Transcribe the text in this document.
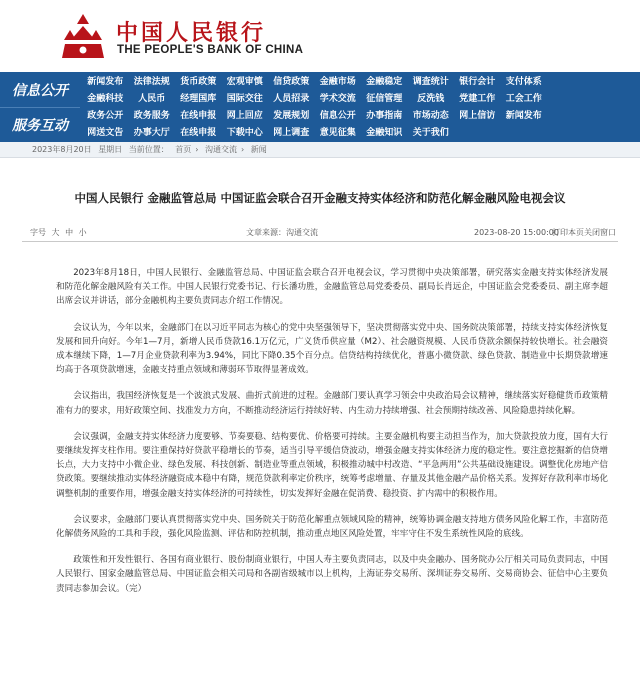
中国人民银行
THE PEOPLE'S BANK OF CHINA
信息公开
服务互动
新闻发布	法律法规	货币政策	宏观审慎	信贷政策	金融市场	金融稳定	调查统计	银行会计	支付体系
金融科技	人民币	经理国库	国际交往	人员招录	学术交流	征信管理	反洗钱	党建工作	工会工作
政务公开	政务服务	在线申报	网上回应	发展规划	信息公开	办事指南	市场动态	网上信访	新闻发布
网送文告	办事大厅	在线申报	下载中心	网上调查	意见征集	金融知识	关于我们
2023年8月20日 星期日 当前位置： 首页 › 沟通交流 › 新闻
中国人民银行 金融监管总局 中国证监会联合召开金融支持实体经济和防范化解金融风险电视会议
字号 大 中 小	文章来源：沟通交流	2023-08-20 15:00:00
打印本页 关闭窗口

2023年8月18日，中国人民银行、金融监管总局、中国证监会联合召开电视会议，学习贯彻中央决策部署，研究落实金融支持实体经济发展和防范化解金融风险有关工作。中国人民银行党委书记、行长潘功胜，金融监管总局党委委员、副局长肖远企，中国证监会党委委员、副主席李超出席会议并讲话，部分金融机构主要负责同志介绍工作情况。

会议认为，今年以来，金融部门在以习近平同志为核心的党中央坚强领导下，坚决贯彻落实党中央、国务院决策部署，持续支持实体经济恢复发展和回升向好。今年1—7月，新增人民币贷款16.1万亿元，广义货币供应量（M2）、社会融资规模、人民币贷款余额保持较快增长。社会融资成本继续下降，1—7月企业贷款利率为3.94%，同比下降0.35个百分点。信贷结构持续优化，普惠小微贷款、绿色贷款、制造业中长期贷款增速均高于各项贷款增速，金融支持重点领域和薄弱环节取得显著成效。

会议指出，我国经济恢复是一个波浪式发展、曲折式前进的过程。金融部门要认真学习领会中央政治局会议精神，继续落实好稳健货币政策精准有力的要求，用好政策空间、找准发力方向，不断推动经济运行持续好转、内生动力持续增强、社会预期持续改善、风险隐患持续化解。

会议强调，金融支持实体经济力度要够、节奏要稳、结构要优、价格要可持续。主要金融机构要主动担当作为，加大贷款投放力度，国有大行要继续发挥支柱作用。要注重保持好贷款平稳增长的节奏，适当引导平缓信贷波动，增强金融支持实体经济力度的稳定性。要注意挖掘新的信贷增长点，大力支持中小微企业、绿色发展、科技创新、制造业等重点领域，积极推动城中村改造、“平急两用”公共基础设施建设。调整优化房地产信贷政策。要继续推动实体经济融资成本稳中有降，规范贷款利率定价秩序，统筹考虑增量、存量及其他金融产品价格关系。发挥好存款利率市场化调整机制的重要作用，增强金融支持实体经济的可持续性，切实发挥好金融在促消费、稳投资、扩内需中的积极作用。

会议要求，金融部门要认真贯彻落实党中央、国务院关于防范化解重点领域风险的精神，统筹协调金融支持地方债务风险化解工作，丰富防范化解债务风险的工具和手段，强化风险监测、评估和防控机制，推动重点地区风险处置，牢牢守住不发生系统性风险的底线。

政策性和开发性银行、各国有商业银行、股份制商业银行，中国人寿主要负责同志，以及中央金融办、国务院办公厅相关司局负责同志，中国人民银行、国家金融监管总局、中国证监会相关司局和各副省级城市以上机构，上海证券交易所、深圳证券交易所、交易商协会、征信中心主要负责同志参加会议。（完）
